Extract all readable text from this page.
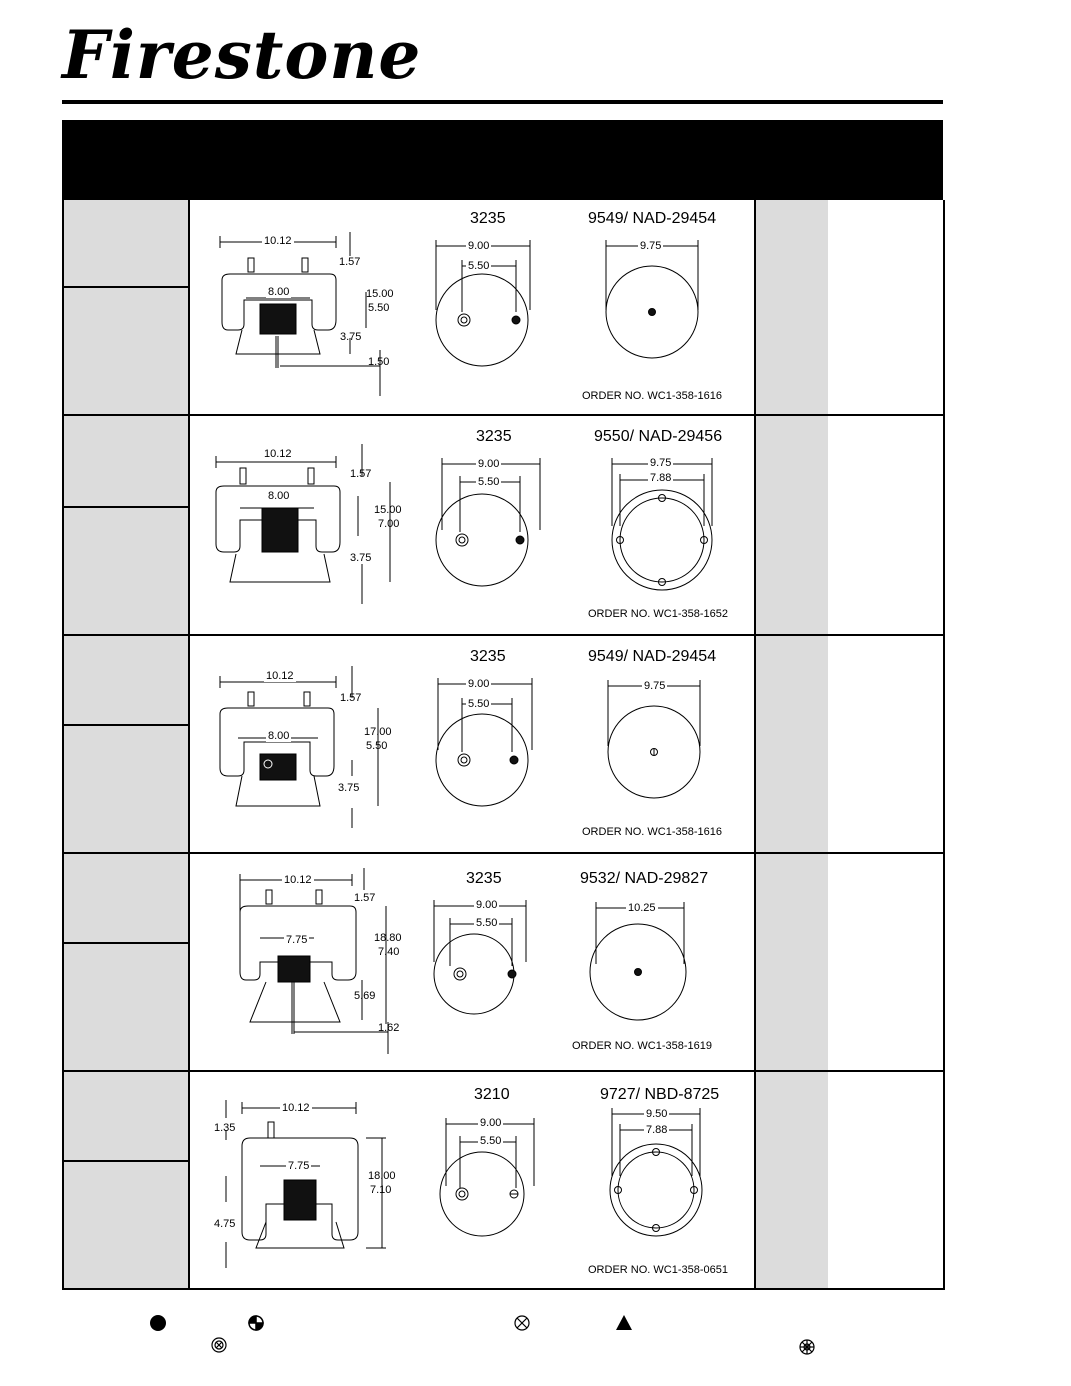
Firestone
3235	9549/ NAD-29454
10.12
1.57
8.00	15.00
5.50
3.75
1.50
9.00
5.50
9.75
ORDER NO. WC1-358-1616
3235	9550/ NAD-29456
10.12
1.57
8.00
15.00
7.00
3.75
9.00
5.50
9.75
7.88
ORDER NO. WC1-358-1652
3235	9549/ NAD-29454
10.12
1.57
8.00	17.00
5.50
3.75
9.00
5.50
9.75
ORDER NO. WC1-358-1616
3235	9532/ NAD-29827
10.12
1.57
7.75	18.80
7.40
5.69
1.62
9.00
5.50
10.25
ORDER NO. WC1-358-1619
3210	9727/ NBD-8725
10.12
1.35
7.75
18.00
7.10
4.75
9.00
5.50
9.50
7.88
ORDER NO. WC1-358-0651
